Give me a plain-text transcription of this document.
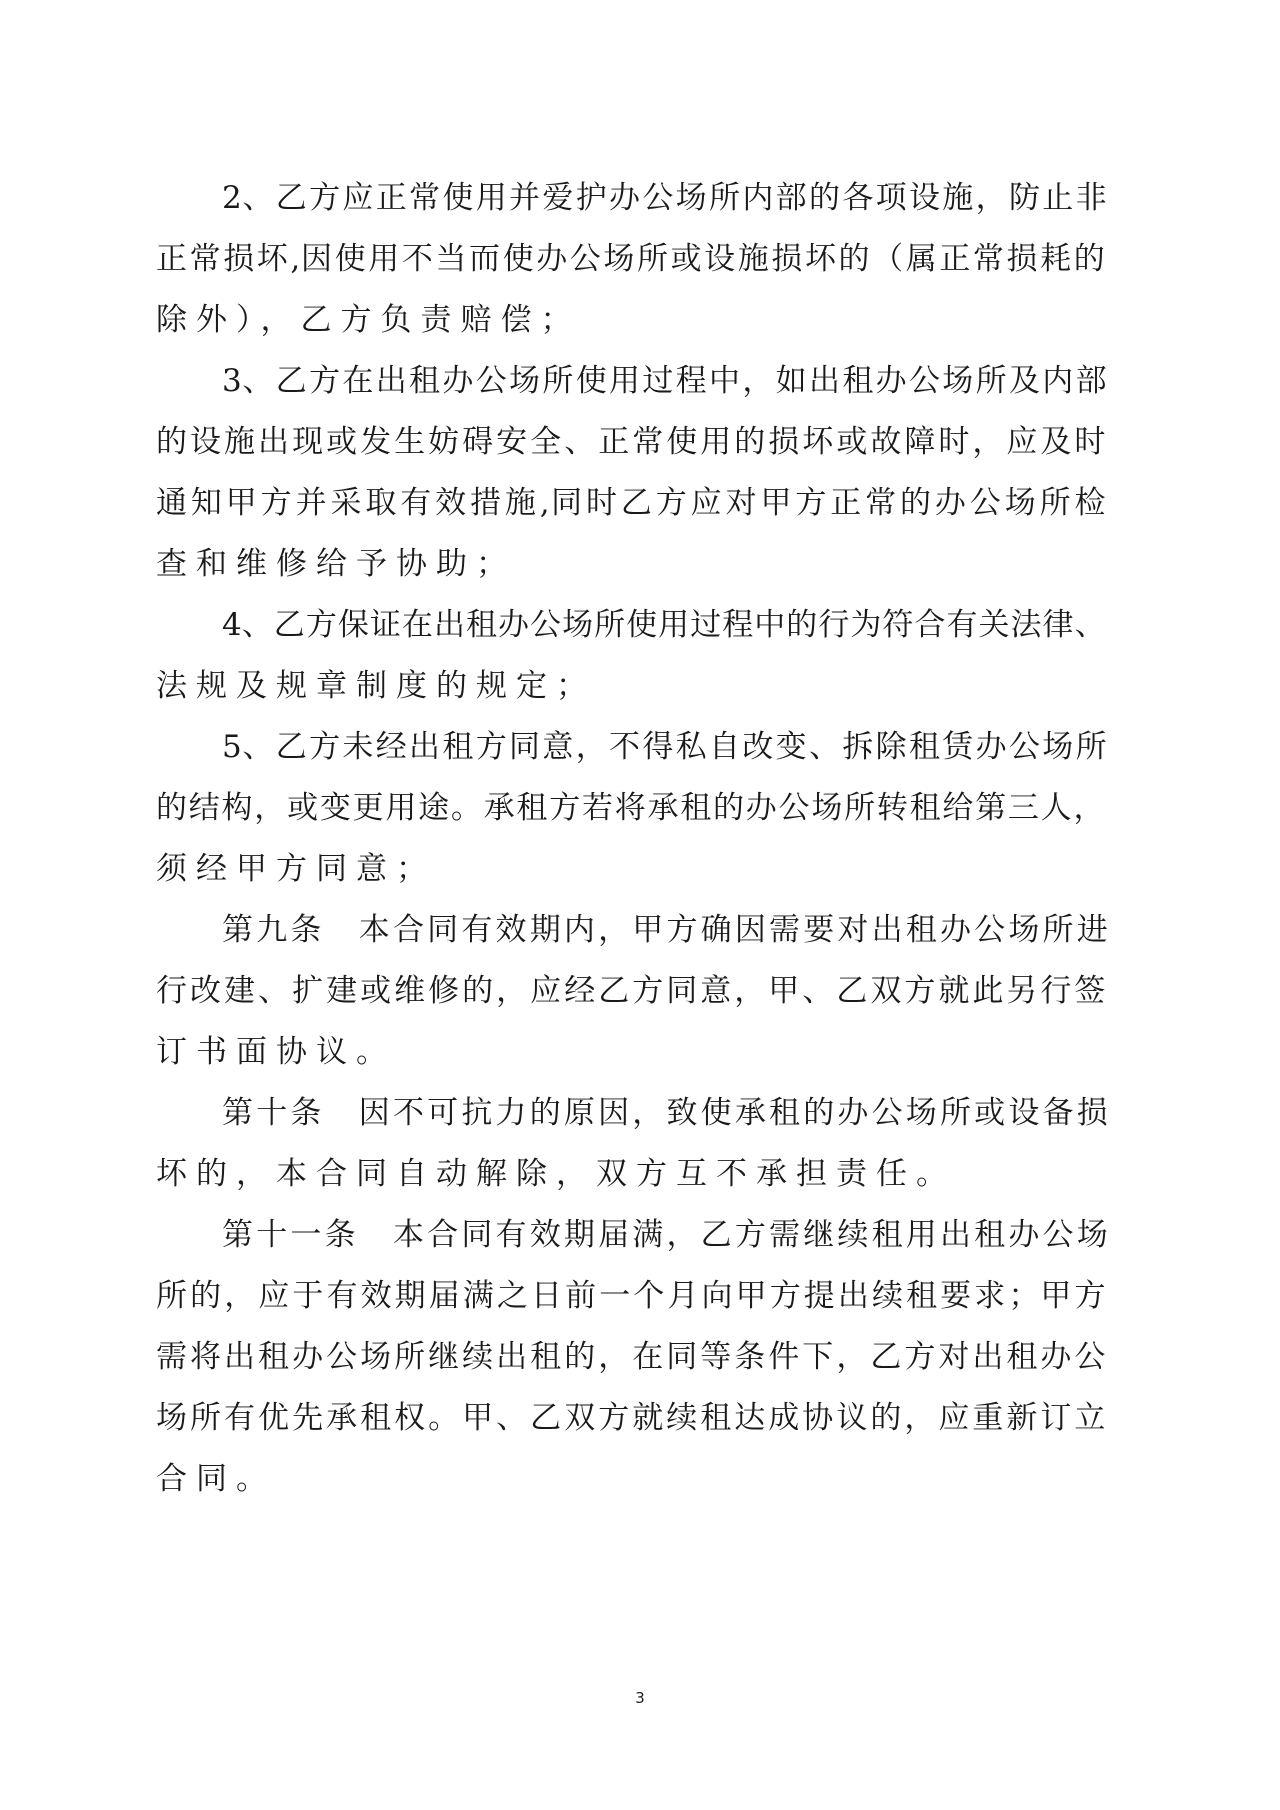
2 、 乙 方 应 正 常 使 用 并 爱 护 办 公 场 所 内 部 的 各 项 设 施 ， 防 止 非
正 常 损 坏 , 因 使 用 不 当 而 使 办 公 场 所 或 设 施 损 坏 的 （ 属 正 常 损 耗 的
除外），乙方负责赔偿；
3 、 乙 方 在 出 租 办 公 场 所 使 用 过 程 中 ， 如 出 租 办 公 场 所 及 内 部
的 设 施 出 现 或 发 生 妨 碍 安 全 、 正 常 使 用 的 损 坏 或 故 障 时 ， 应 及 时
通 知 甲 方 并 采 取 有 效 措 施 , 同 时 乙 方 应 对 甲 方 正 常 的 办 公 场 所 检
查和维修给予协助；
4 、 乙 方 保 证 在 出 租 办 公 场 所 使 用 过 程 中 的 行 为 符 合 有 关 法 律 、
法规及规章制度的规定；
5 、 乙 方 未 经 出 租 方 同 意 ， 不 得 私 自 改 变 、 拆 除 租 赁 办 公 场 所
的 结 构 ， 或 变 更 用 途 。 承 租 方 若 将 承 租 的 办 公 场 所 转 租 给 第 三 人 ，
须经甲方同意；
第 九 条 　 本 合 同 有 效 期 内 ， 甲 方 确 因 需 要 对 出 租 办 公 场 所 进
行 改 建 、 扩 建 或 维 修 的 ， 应 经 乙 方 同 意 ， 甲 、 乙 双 方 就 此 另 行 签
订书面协议。
第 十 条 　 因 不 可 抗 力 的 原 因 ， 致 使 承 租 的 办 公 场 所 或 设 备 损
坏的，本合同自动解除，双方互不承担责任。
第 十 一 条 　 本 合 同 有 效 期 届 满 ， 乙 方 需 继 续 租 用 出 租 办 公 场
所 的 ， 应 于 有 效 期 届 满 之 日 前 一 个 月 向 甲 方 提 出 续 租 要 求 ； 甲 方
需 将 出 租 办 公 场 所 继 续 出 租 的 ， 在 同 等 条 件 下 ， 乙 方 对 出 租 办 公
场 所 有 优 先 承 租 权 。 甲 、 乙 双 方 就 续 租 达 成 协 议 的 ， 应 重 新 订 立
合同。
3
